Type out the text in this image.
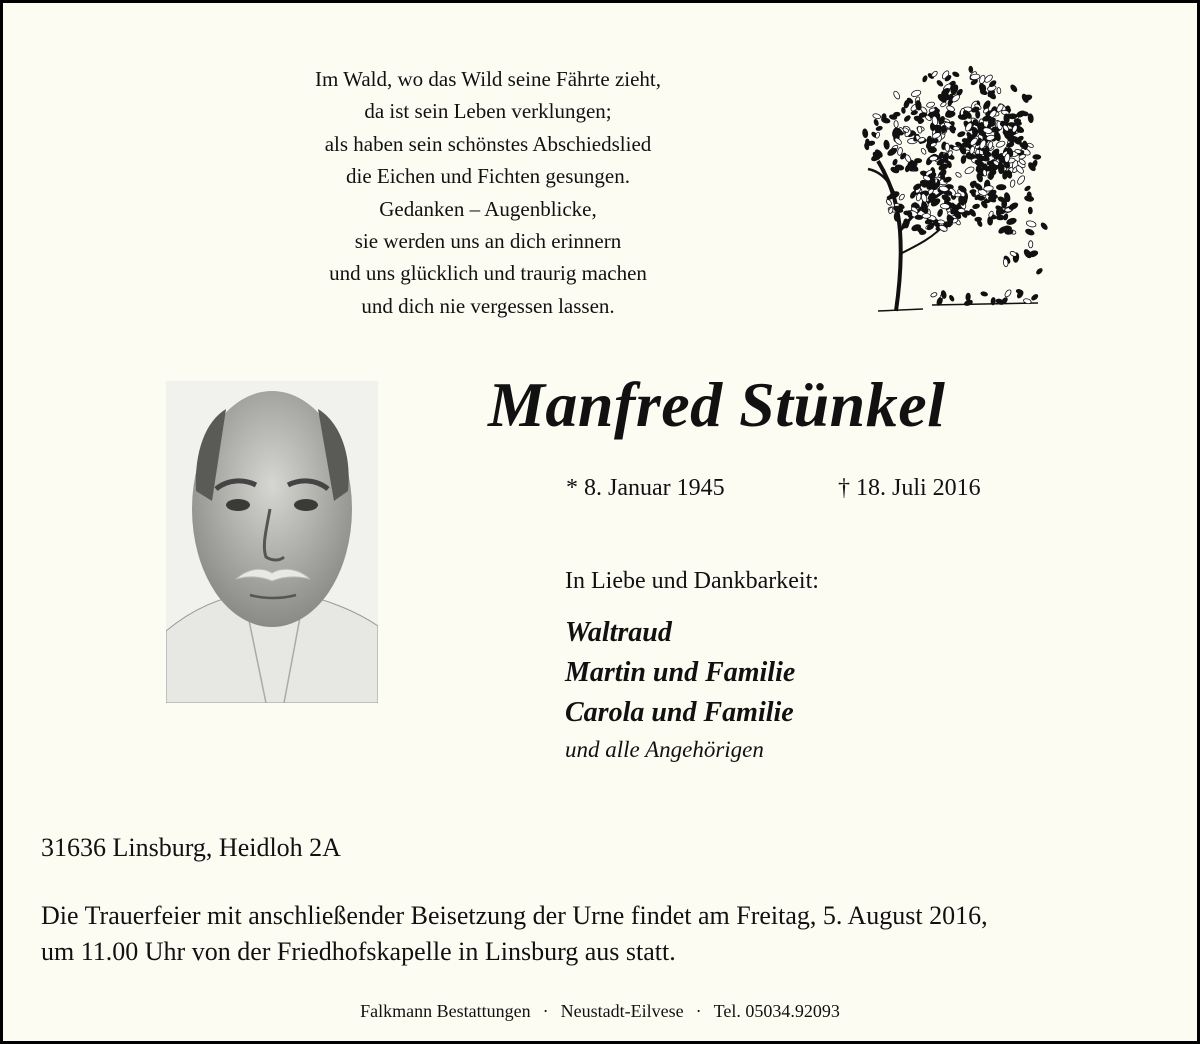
Im Wald, wo das Wild seine Fährte zieht,
da ist sein Leben verklungen;
als haben sein schönstes Abschiedslied
die Eichen und Fichten gesungen.
Gedanken – Augenblicke,
sie werden uns an dich erinnern
und uns glücklich und traurig machen
und dich nie vergessen lassen.
Manfred Stünkel
* 8. Januar 1945	† 18. Juli 2016
In Liebe und Dankbarkeit:
Waltraud
Martin und Familie
Carola und Familie
und alle Angehörigen
31636 Linsburg, Heidloh 2A
Die Trauerfeier mit anschließender Beisetzung der Urne findet am Freitag, 5. August 2016,
um 11.00 Uhr von der Friedhofskapelle in Linsburg aus statt.
Falkmann Bestattungen · Neustadt-Eilvese · Tel. 05034.92093
